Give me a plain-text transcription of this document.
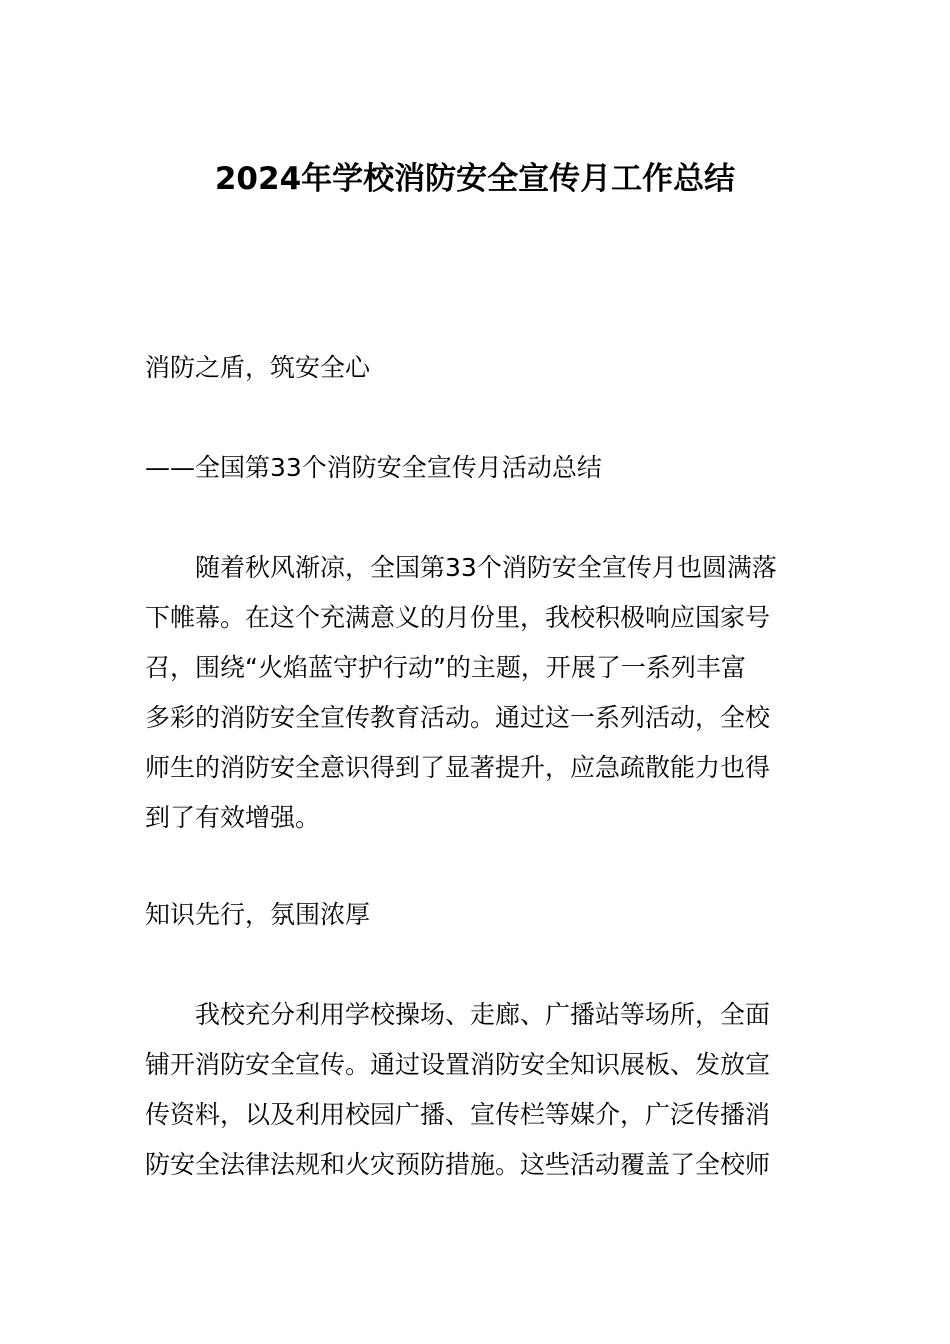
2024年学校消防安全宣传月工作总结
消防之盾，筑安全心
——全国第33个消防安全宣传月活动总结
随着秋风渐凉，全国第33个消防安全宣传月也圆满落
下帷幕。在这个充满意义的月份里，我校积极响应国家号
召，围绕“火焰蓝守护行动”的主题，开展了一系列丰富
多彩的消防安全宣传教育活动。通过这一系列活动，全校
师生的消防安全意识得到了显著提升，应急疏散能力也得
到了有效增强。
知识先行，氛围浓厚
我校充分利用学校操场、走廊、广播站等场所，全面
铺开消防安全宣传。通过设置消防安全知识展板、发放宣
传资料，以及利用校园广播、宣传栏等媒介，广泛传播消
防安全法律法规和火灾预防措施。这些活动覆盖了全校师
